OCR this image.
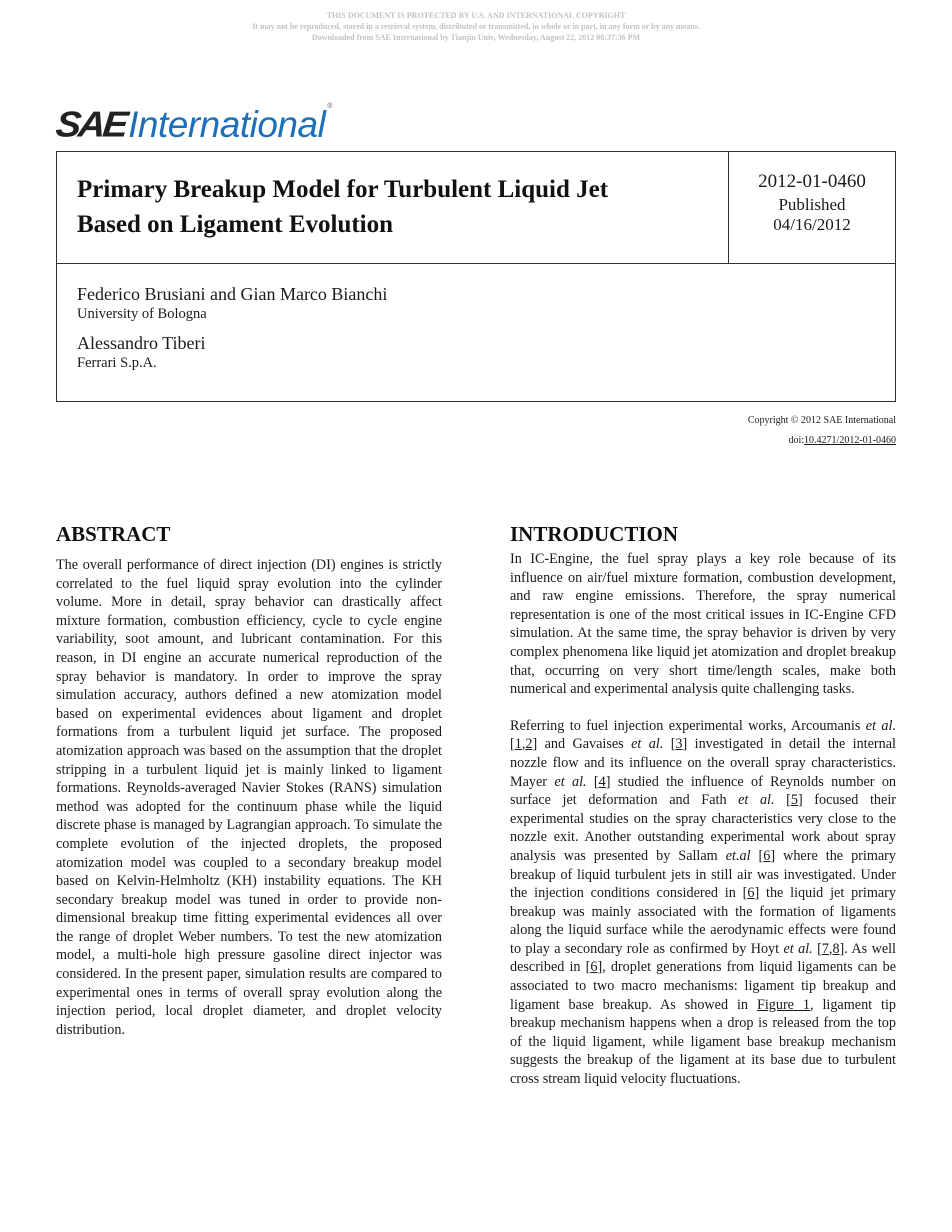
THIS DOCUMENT IS PROTECTED BY U.S. AND INTERNATIONAL COPYRIGHT
It may not be reproduced, stored in a retrieval system, distributed or transmitted, in whole or in part, in any form or by any means.
Downloaded from SAE International by Tianjin Univ, Wednesday, August 22, 2012 08:37:36 PM
SAE International ®
Primary Breakup Model for Turbulent Liquid Jet
Based on Ligament Evolution
2012-01-0460
Published
04/16/2012
Federico Brusiani and Gian Marco Bianchi
University of Bologna
Alessandro Tiberi
Ferrari S.p.A.
Copyright © 2012 SAE International
doi:10.4271/2012-01-0460
ABSTRACT

The overall performance of direct injection (DI) engines is strictly correlated to the fuel liquid spray evolution into the cylinder volume. More in detail, spray behavior can drastically affect mixture formation, combustion efficiency, cycle to cycle engine variability, soot amount, and lubricant contamination. For this reason, in DI engine an accurate numerical reproduction of the spray behavior is mandatory. In order to improve the spray simulation accuracy, authors defined a new atomization model based on experimental evidences about ligament and droplet formations from a turbulent liquid jet surface. The proposed atomization approach was based on the assumption that the droplet stripping in a turbulent liquid jet is mainly linked to ligament formations. Reynolds-averaged Navier Stokes (RANS) simulation method was adopted for the continuum phase while the liquid discrete phase is managed by Lagrangian approach. To simulate the complete evolution of the injected droplets, the proposed atomization model was coupled to a secondary breakup model based on Kelvin-Helmholtz (KH) instability equations. The KH secondary breakup model was tuned in order to provide non-dimensional breakup time fitting experimental evidences all over the range of droplet Weber numbers. To test the new atomization model, a multi-hole high pressure gasoline direct injector was considered. In the present paper, simulation results are compared to experimental ones in terms of overall spray evolution along the injection period, local droplet diameter, and droplet velocity distribution.

INTRODUCTION

In IC-Engine, the fuel spray plays a key role because of its influence on air/fuel mixture formation, combustion development, and raw engine emissions. Therefore, the spray numerical representation is one of the most critical issues in IC-Engine CFD simulation. At the same time, the spray behavior is driven by very complex phenomena like liquid jet atomization and droplet breakup that, occurring on very short time/length scales, make both numerical and experimental analysis quite challenging tasks.

Referring to fuel injection experimental works, Arcoumanis et al. [1,2] and Gavaises et al. [3] investigated in detail the internal nozzle flow and its influence on the overall spray characteristics. Mayer et al. [4] studied the influence of Reynolds number on surface jet deformation and Fath et al. [5] focused their experimental studies on the spray characteristics very close to the nozzle exit. Another outstanding experimental work about spray analysis was presented by Sallam et.al [6] where the primary breakup of liquid turbulent jets in still air was investigated. Under the injection conditions considered in [6] the liquid jet primary breakup was mainly associated with the formation of ligaments along the liquid surface while the aerodynamic effects were found to play a secondary role as confirmed by Hoyt et al. [7,8]. As well described in [6], droplet generations from liquid ligaments can be associated to two macro mechanisms: ligament tip breakup and ligament base breakup. As showed in Figure 1, ligament tip breakup mechanism happens when a drop is released from the top of the liquid ligament, while ligament base breakup mechanism suggests the breakup of the ligament at its base due to turbulent cross stream liquid velocity fluctuations.
